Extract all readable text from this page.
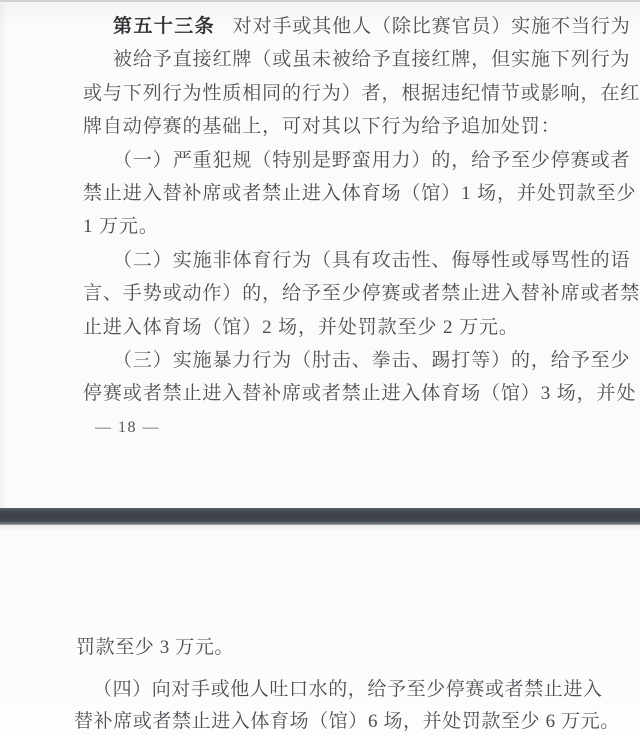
第五十三条 对对手或其他人（除比赛官员）实施不当行为
被给予直接红牌（或虽未被给予直接红牌，但实施下列行为
或与下列行为性质相同的行为）者，根据违纪情节或影响，在红
牌自动停赛的基础上，可对其以下行为给予追加处罚：
（一）严重犯规（特别是野蛮用力）的，给予至少停赛或者
禁止进入替补席或者禁止进入体育场（馆）1 场，并处罚款至少
1 万元。
（二）实施非体育行为（具有攻击性、侮辱性或辱骂性的语
言、手势或动作）的，给予至少停赛或者禁止进入替补席或者禁
止进入体育场（馆）2 场，并处罚款至少 2 万元。
（三）实施暴力行为（肘击、拳击、踢打等）的，给予至少
停赛或者禁止进入替补席或者禁止进入体育场（馆）3 场，并处
— 18 —
罚款至少 3 万元。
（四）向对手或他人吐口水的，给予至少停赛或者禁止进入
替补席或者禁止进入体育场（馆）6 场，并处罚款至少 6 万元。
